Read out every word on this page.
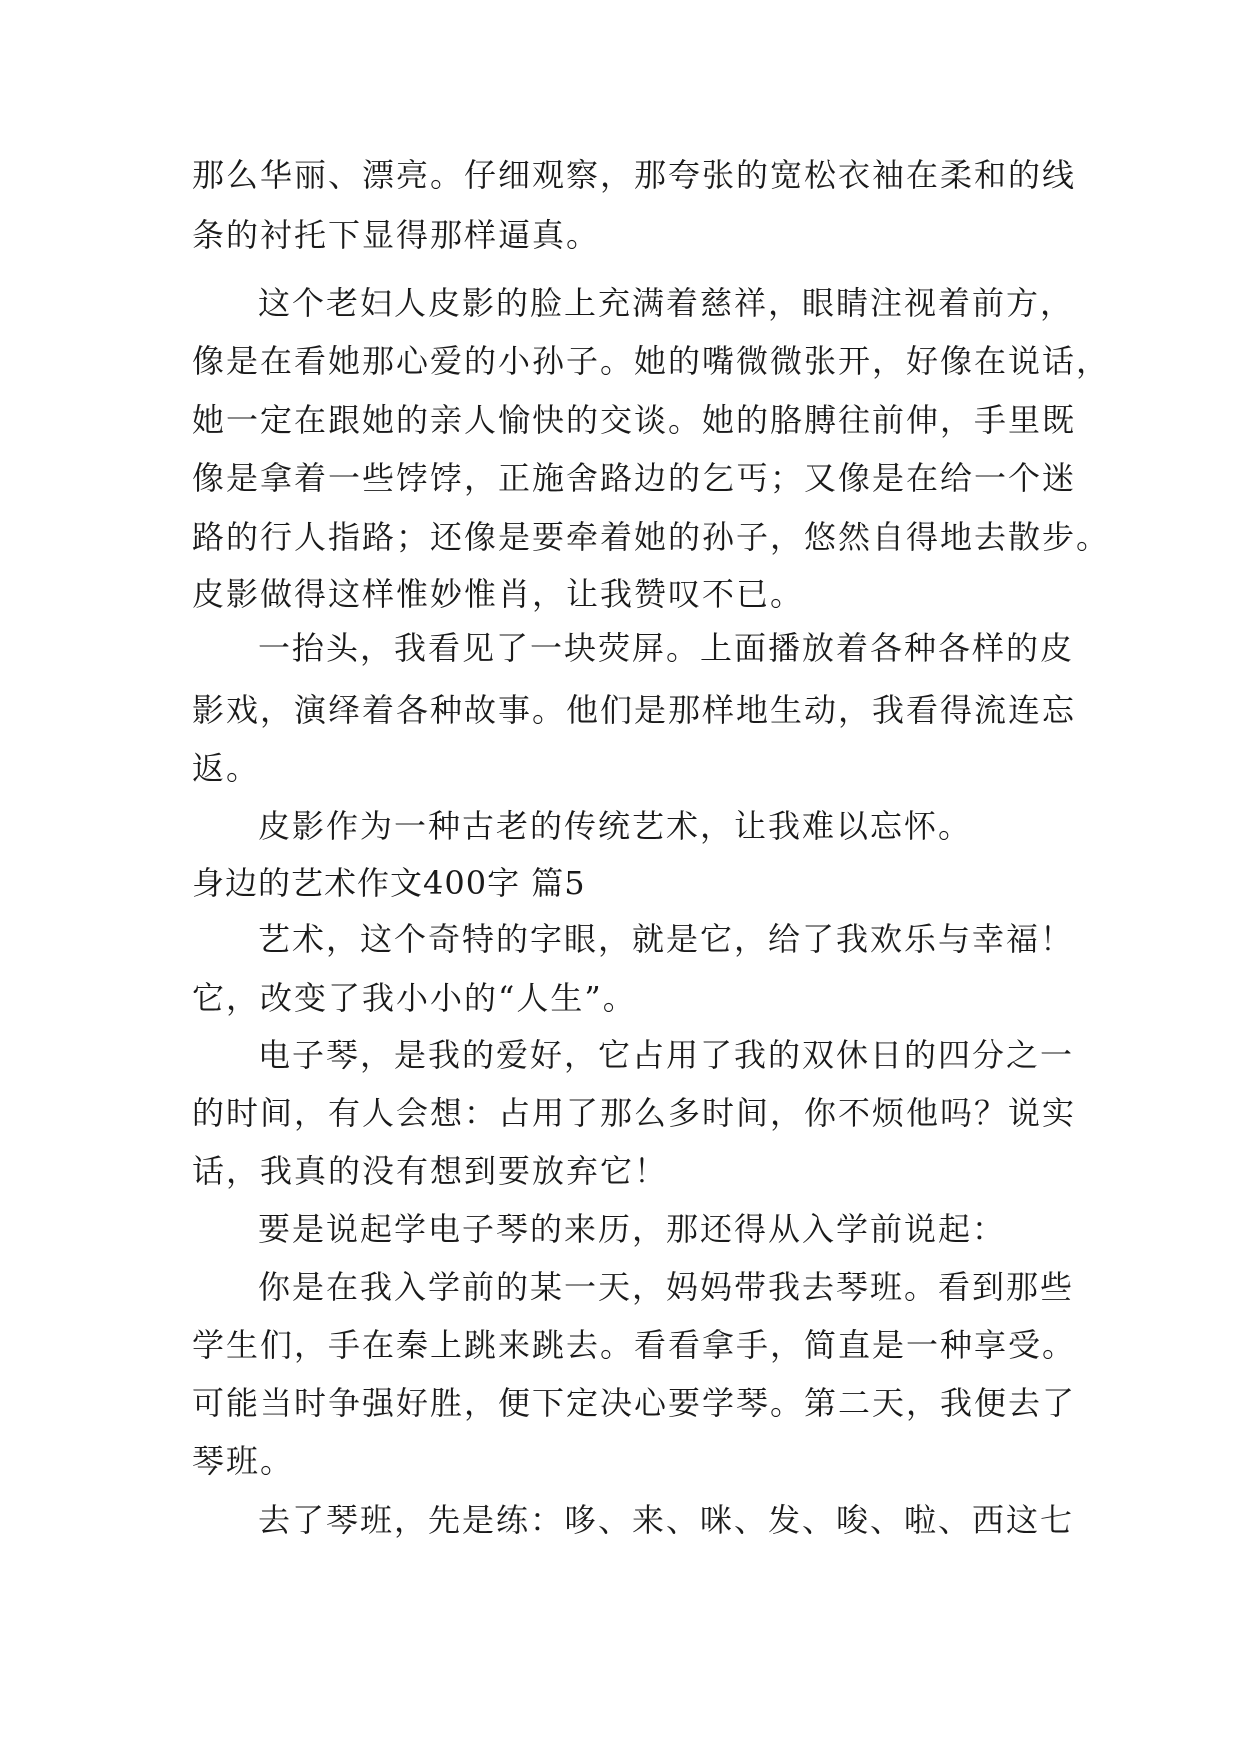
那么华丽、漂亮。仔细观察，那夸张的宽松衣袖在柔和的线
条的衬托下显得那样逼真。
这个老妇人皮影的脸上充满着慈祥，眼睛注视着前方，
像是在看她那心爱的小孙子。她的嘴微微张开，好像在说话，
她一定在跟她的亲人愉快的交谈。她的胳膊往前伸，手里既
像是拿着一些饽饽，正施舍路边的乞丐；又像是在给一个迷
路的行人指路；还像是要牵着她的孙子，悠然自得地去散步。
皮影做得这样惟妙惟肖，让我赞叹不已。
一抬头，我看见了一块荧屏。上面播放着各种各样的皮
影戏，演绎着各种故事。他们是那样地生动，我看得流连忘
返。
皮影作为一种古老的传统艺术，让我难以忘怀。
身边的艺术作文400字 篇5
艺术，这个奇特的字眼，就是它，给了我欢乐与幸福！
它，改变了我小小的“人生”。
电子琴，是我的爱好，它占用了我的双休日的四分之一
的时间，有人会想：占用了那么多时间，你不烦他吗？说实
话，我真的没有想到要放弃它！
要是说起学电子琴的来历，那还得从入学前说起：
你是在我入学前的某一天，妈妈带我去琴班。看到那些
学生们，手在秦上跳来跳去。看看拿手，简直是一种享受。
可能当时争强好胜，便下定决心要学琴。第二天，我便去了
琴班。
去了琴班，先是练：哆、来、咪、发、唆、啦、西这七
